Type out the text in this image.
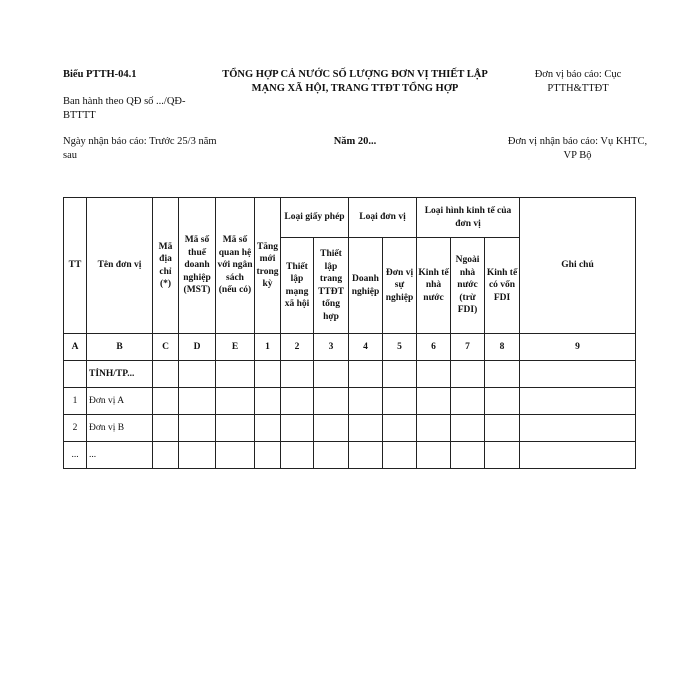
Biểu PTTH-04.1
Ban hành theo QĐ số .../QĐ-BTTTT
TỔNG HỢP CẢ NƯỚC SỐ LƯỢNG ĐƠN VỊ THIẾT LẬP MẠNG XÃ HỘI, TRANG TTĐT TỔNG HỢP
Đơn vị báo cáo: Cục PTTH&TTĐT
Ngày nhận báo cáo: Trước 25/3 năm sau
Năm 20...	Đơn vị nhận báo cáo: Vụ KHTC, VP Bộ
TT	Tên đơn vị	Mã địa chỉ (*)	Mã số thuế doanh nghiệp (MST)	Mã số quan hệ với ngân sách (nếu có)	Tăng mới trong kỳ	Loại giấy phép		Loại đơn vị		Loại hình kinh tế của đơn vị			Ghi chú
						Thiết lập mạng xã hội	Thiết lập trang TTĐT tổng hợp	Doanh nghiệp	Đơn vị sự nghiệp	Kinh tế nhà nước	Ngoài nhà nước (trừ FDI)	Kinh tế có vốn FDI	
A	B	C	D	E	1	2	3	4	5	6	7	8	9
	TỈNH/TP...												
1	Đơn vị A												
2	Đơn vị B												
...	...												
